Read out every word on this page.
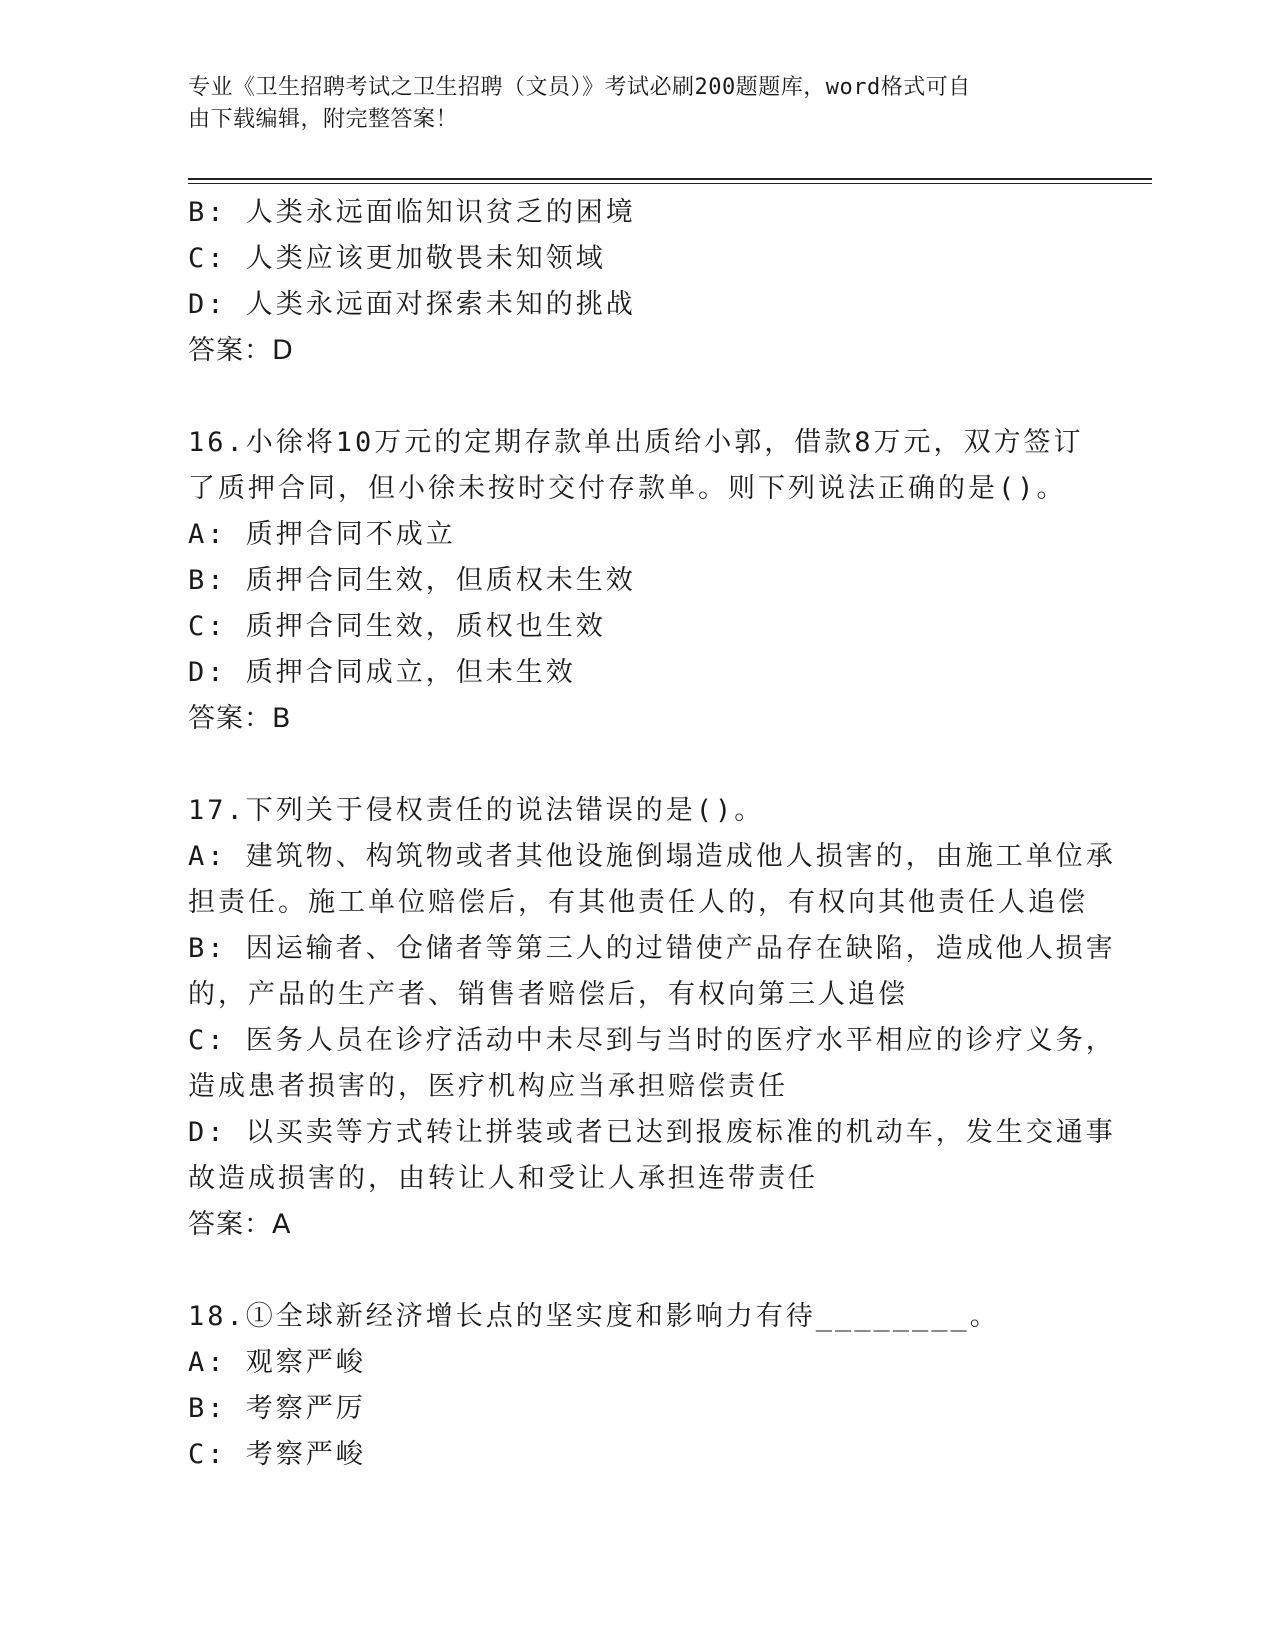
专业《卫生招聘考试之卫生招聘（文员）》考试必刷200题题库，word格式可自
由下载编辑，附完整答案！
B: 人类永远面临知识贫乏的困境
C: 人类应该更加敬畏未知领域
D: 人类永远面对探索未知的挑战
答案：D
16.小徐将10万元的定期存款单出质给小郭，借款8万元，双方签订
了质押合同，但小徐未按时交付存款单。则下列说法正确的是()。
A: 质押合同不成立
B: 质押合同生效，但质权未生效
C: 质押合同生效，质权也生效
D: 质押合同成立，但未生效
答案：B
17.下列关于侵权责任的说法错误的是()。
A: 建筑物、构筑物或者其他设施倒塌造成他人损害的，由施工单位承
担责任。施工单位赔偿后，有其他责任人的，有权向其他责任人追偿
B: 因运输者、仓储者等第三人的过错使产品存在缺陷，造成他人损害
的，产品的生产者、销售者赔偿后，有权向第三人追偿
C: 医务人员在诊疗活动中未尽到与当时的医疗水平相应的诊疗义务，
造成患者损害的，医疗机构应当承担赔偿责任
D: 以买卖等方式转让拼装或者已达到报废标准的机动车，发生交通事
故造成损害的，由转让人和受让人承担连带责任
答案：A
18.①全球新经济增长点的坚实度和影响力有待________。
A: 观察严峻
B: 考察严厉
C: 考察严峻
